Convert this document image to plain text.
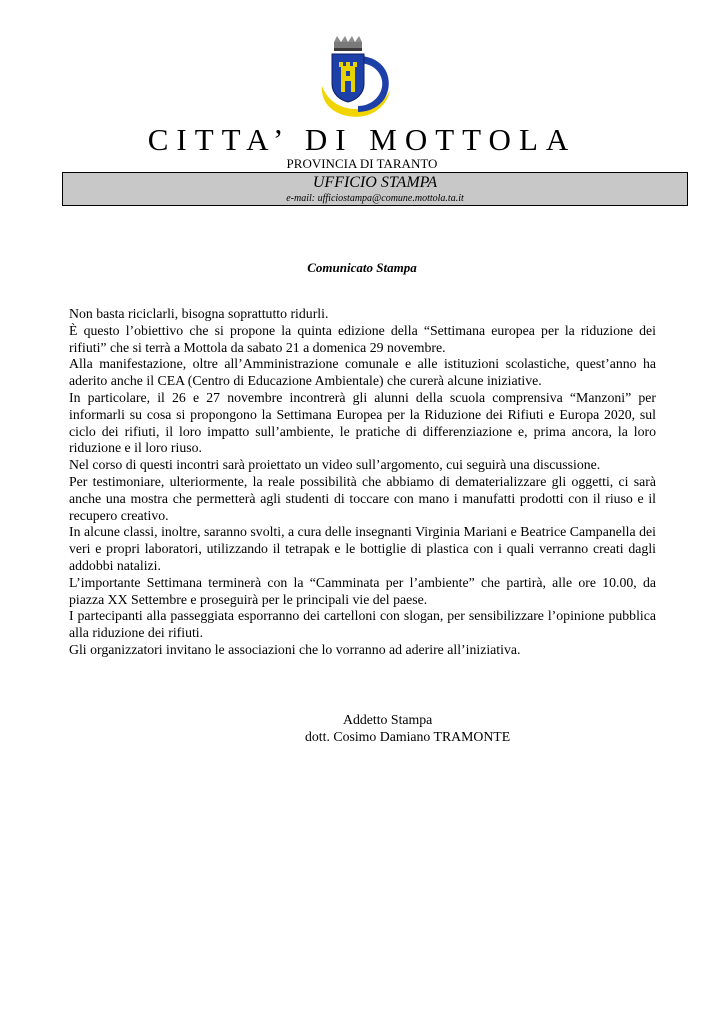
CITTA’ DI MOTTOLA
PROVINCIA DI TARANTO
UFFICIO STAMPA
e-mail: ufficiostampa@comune.mottola.ta.it
Comunicato Stampa

Non basta riciclarli, bisogna soprattutto ridurli.

È questo l’obiettivo che si propone la quinta edizione della “Settimana europea per la riduzione dei rifiuti” che si terrà a Mottola da sabato 21 a domenica 29 novembre.

Alla manifestazione, oltre all’Amministrazione comunale e alle istituzioni scolastiche, quest’anno ha aderito anche il CEA (Centro di Educazione Ambientale) che curerà alcune iniziative.

In particolare, il 26 e 27 novembre incontrerà gli alunni della scuola comprensiva “Manzoni” per informarli su cosa si propongono la Settimana Europea per la Riduzione dei Rifiuti e Europa 2020, sul ciclo dei rifiuti, il loro impatto sull’ambiente, le pratiche di differenziazione e, prima ancora, la loro riduzione e il loro riuso.

Nel corso di questi incontri sarà proiettato un video sull’argomento, cui seguirà una discussione.

Per testimoniare, ulteriormente, la reale possibilità che abbiamo di dematerializzare gli oggetti, ci sarà anche una mostra che permetterà agli studenti di toccare con mano i manufatti prodotti con il riuso e il recupero creativo.

In alcune classi, inoltre, saranno svolti, a cura delle insegnanti Virginia Mariani e Beatrice Campanella dei veri e propri laboratori, utilizzando il tetrapak e le bottiglie di plastica con i quali verranno creati dagli addobbi natalizi.

L’importante Settimana terminerà con la “Camminata per l’ambiente” che partirà, alle ore 10.00, da piazza XX Settembre e proseguirà per le principali vie del paese.

I partecipanti alla passeggiata esporranno dei cartelloni con slogan, per sensibilizzare l’opinione pubblica alla riduzione dei rifiuti.

Gli organizzatori invitano le associazioni che lo vorranno ad aderire all’iniziativa.

Addetto Stampa
dott. Cosimo Damiano TRAMONTE
